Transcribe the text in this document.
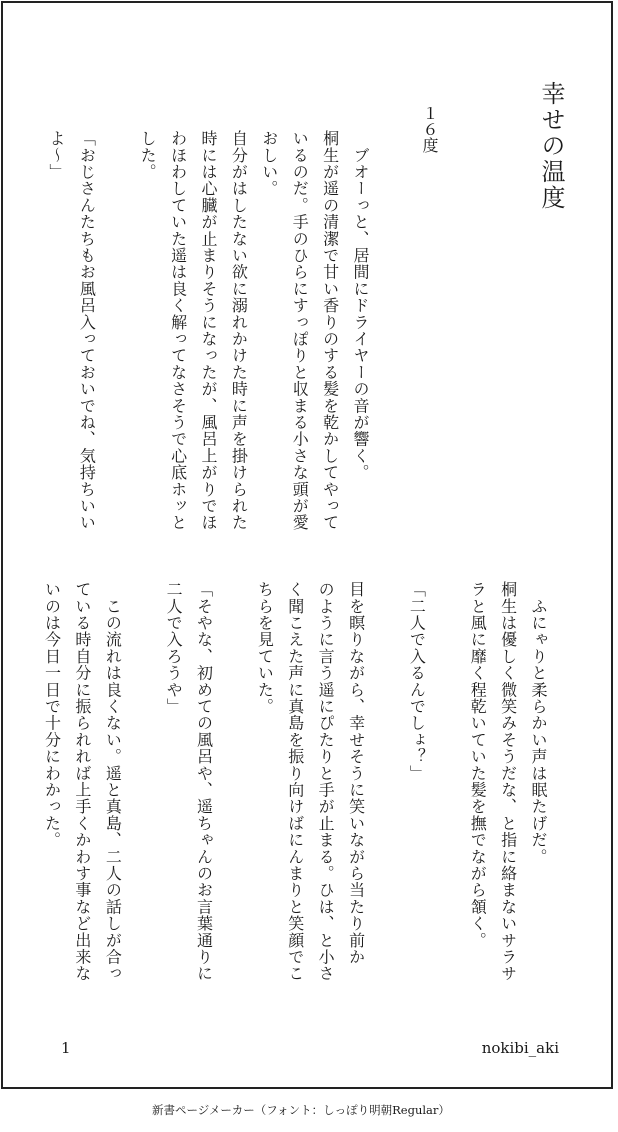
幸せの温度
１６度
　ブオーっと、居間にドライヤーの音が響く。
桐生が遥の清潔で甘い香りのする髪を乾かしてやって
いるのだ。手のひらにすっぽりと収まる小さな頭が愛
おしい。
自分がはしたない欲に溺れかけた時に声を掛けられた
時には心臓が止まりそうになったが、風呂上がりでほ
わほわしていた遥は良く解ってなさそうで心底ホッと
した。
「おじさんたちもお風呂入っておいでね、気持ちいい
よ〜」
　ふにゃりと柔らかい声は眠たげだ。
桐生は優しく微笑みそうだな、と指に絡まないサラサ
ラと風に靡く程乾いていた髪を撫でながら頷く。
「二人で入るんでしょ？」
目を瞑りながら、幸せそうに笑いながら当たり前か
のように言う遥にぴたりと手が止まる。ひは、と小さ
く聞こえた声に真島を振り向けばにんまりと笑顔でこ
ちらを見ていた。
「そやな、初めての風呂や、遥ちゃんのお言葉通りに
二人で入ろうや」
　この流れは良くない。遥と真島、二人の話しが合っ
ている時自分に振られれば上手くかわす事など出来な
いのは今日一日で十分にわかった。
1	nokibi_aki
新書ページメーカー（フォント：しっぽり明朝Regular）
